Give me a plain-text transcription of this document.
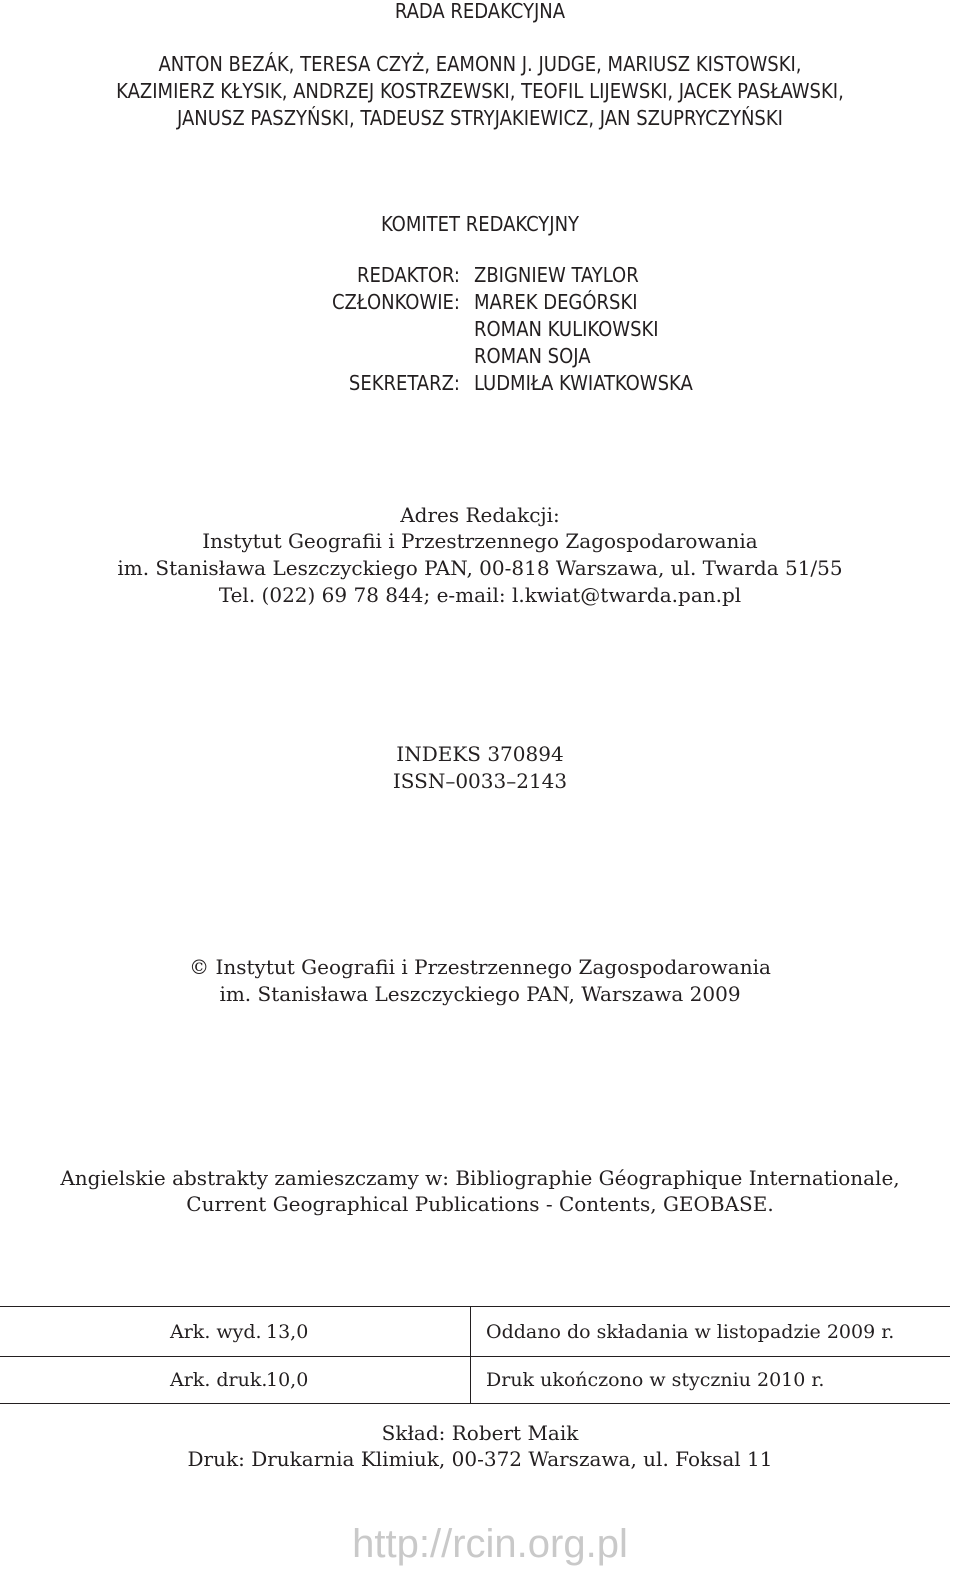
RADA REDAKCYJNA
ANTON BEZÁK, TERESA CZYŻ, EAMONN J. JUDGE, MARIUSZ KISTOWSKI,
KAZIMIERZ KŁYSIK, ANDRZEJ KOSTRZEWSKI, TEOFIL LIJEWSKI, JACEK PASŁAWSKI,
JANUSZ PASZYŃSKI, TADEUSZ STRYJAKIEWICZ, JAN SZUPRYCZYŃSKI
KOMITET REDAKCYJNY
REDAKTOR: ZBIGNIEW TAYLOR
CZŁONKOWIE: MAREK DEGÓRSKI
ROMAN KULIKOWSKI
ROMAN SOJA
SEKRETARZ: LUDMIŁA KWIATKOWSKA
Adres Redakcji:
Instytut Geografii i Przestrzennego Zagospodarowania
im. Stanisława Leszczyckiego PAN, 00-818 Warszawa, ul. Twarda 51/55
Tel. (022) 69 78 844; e-mail: l.kwiat@twarda.pan.pl
INDEKS 370894
ISSN–0033–2143
© Instytut Geografii i Przestrzennego Zagospodarowania
im. Stanisława Leszczyckiego PAN, Warszawa 2009
Angielskie abstrakty zamieszczamy w: Bibliographie Géographique Internationale,
Current Geographical Publications - Contents, GEOBASE.
Ark. wyd. 13,0	Oddano do składania w listopadzie 2009 r.
Ark. druk.
10,0	Druk ukończono w styczniu 2010 r.
Skład: Robert Maik
Druk: Drukarnia Klimiuk, 00-372 Warszawa, ul. Foksal 11
http://rcin.org.pl
